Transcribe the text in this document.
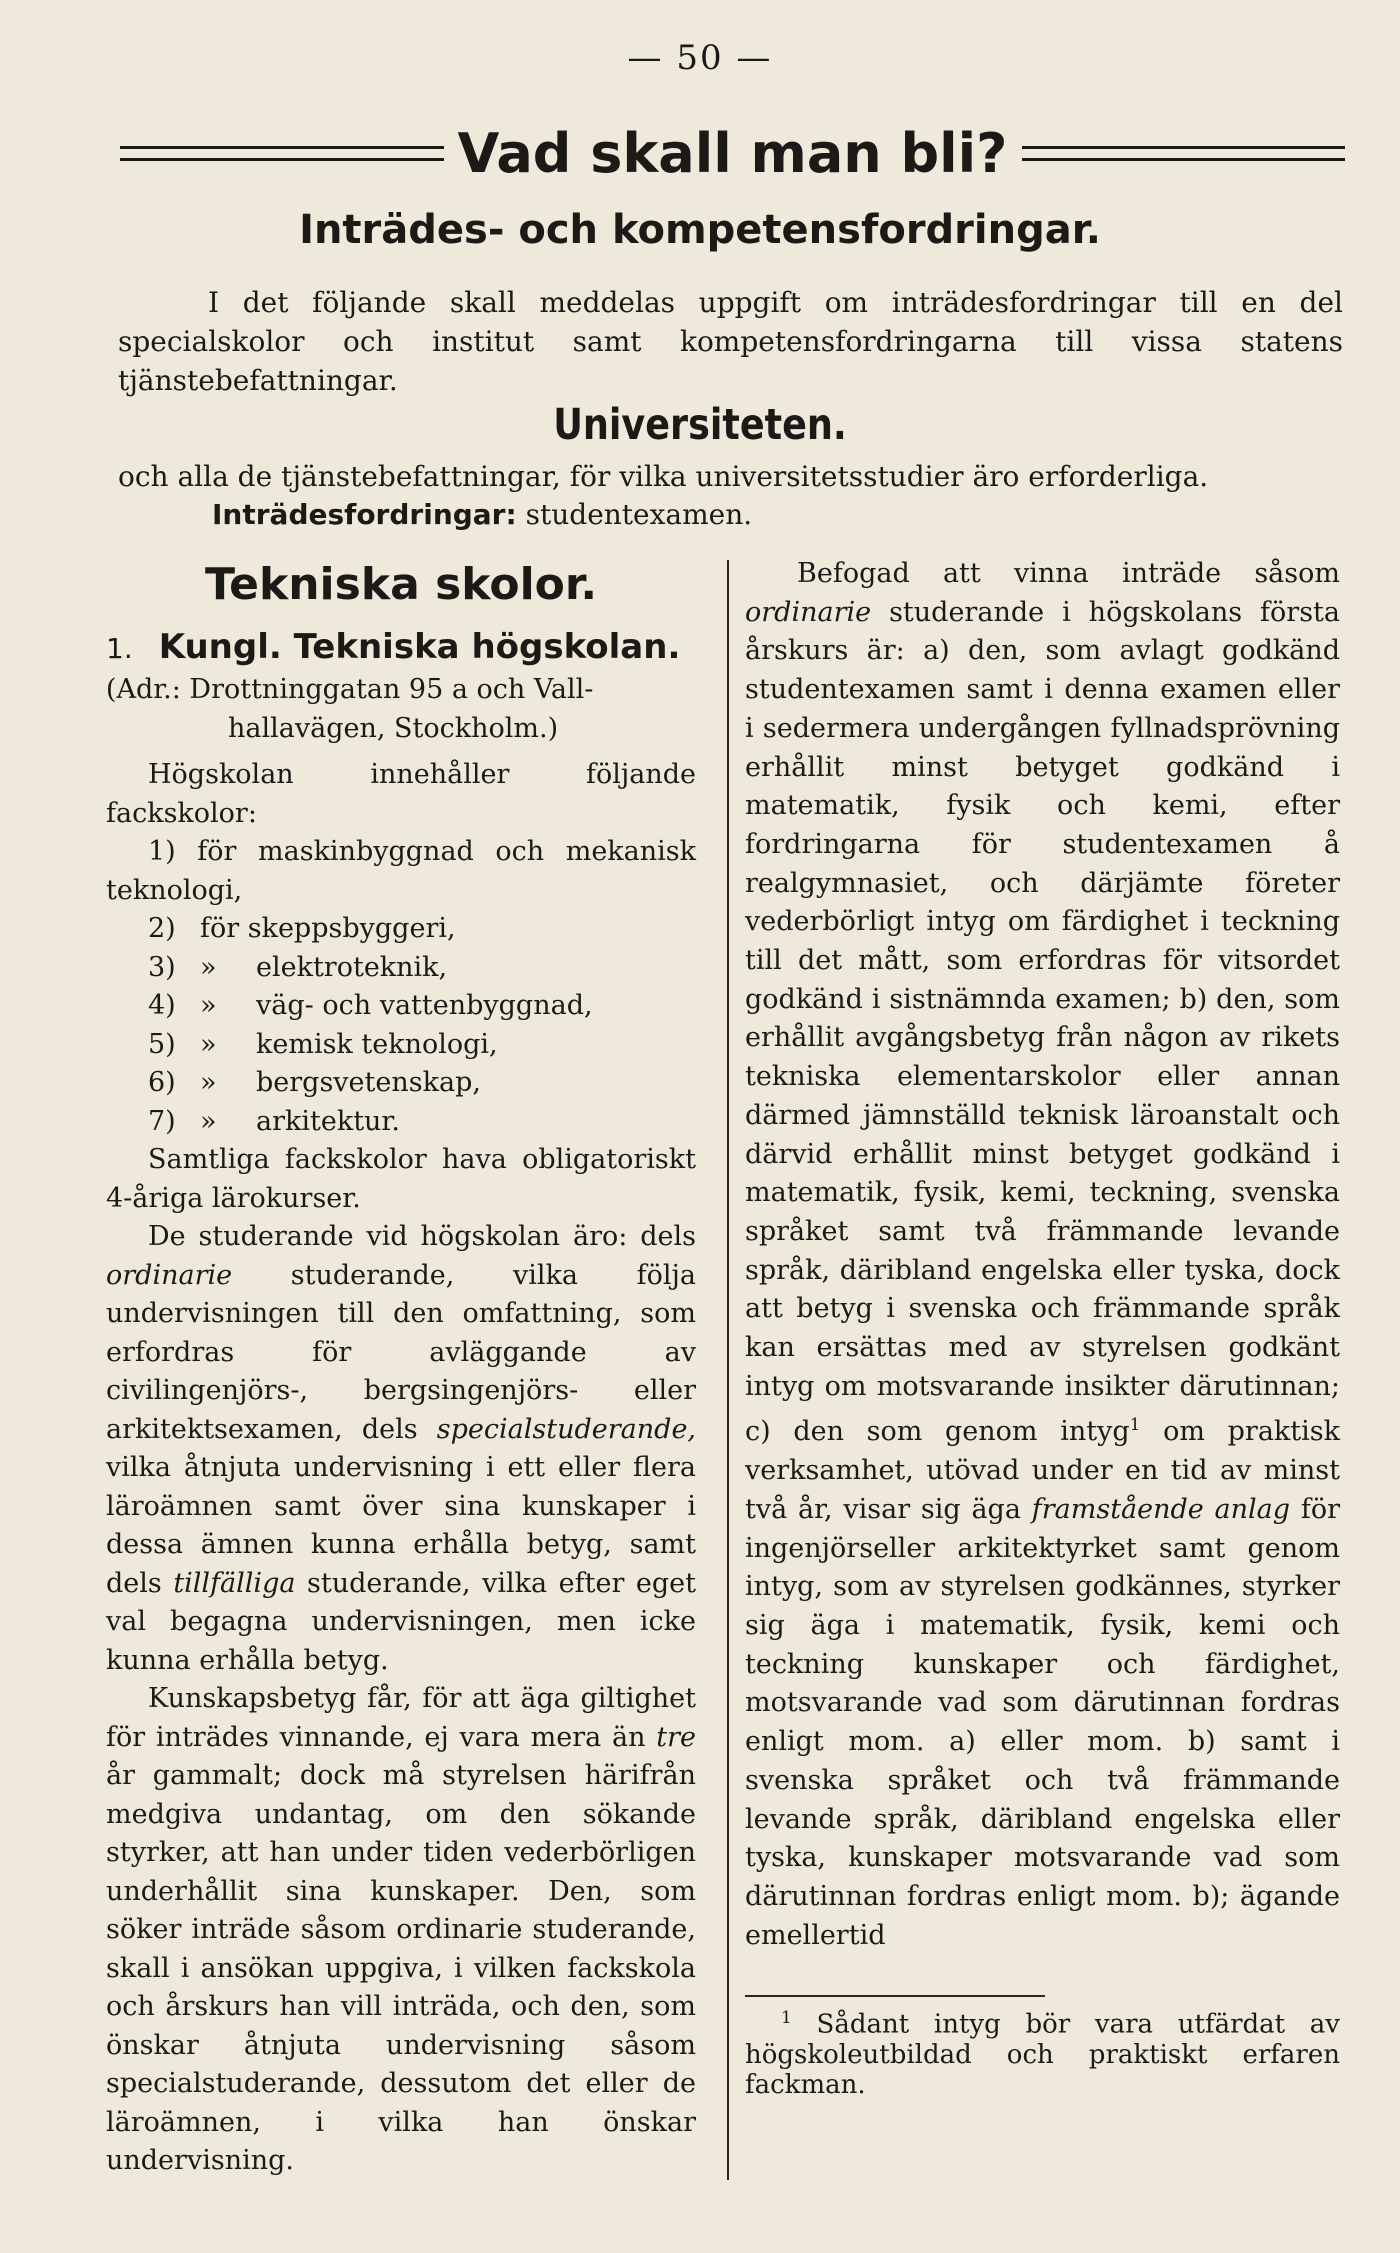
— 50 —
Vad skall man bli?
Inträdes- och kompetensfordringar.

I det följande skall meddelas uppgift om inträdesfordringar till en del specialskolor och institut samt kompetensfordringarna till vissa statens tjänstebefattningar.

Universiteten.

och alla de tjänstebefattningar, för vilka universitetsstudier äro erforderliga.

Inträdesfordringar: studentexamen.

Tekniska skolor.

1. Kungl. Tekniska högskolan.

(Adr.: Drottninggatan 95 a och Vall-

hallavägen, Stockholm.)

Högskolan innehåller följande fackskolor:

1) för maskinbyggnad och mekanisk teknologi,

2) för skeppsbyggeri,

3) » elektroteknik,

4) » väg- och vattenbyggnad,

5) » kemisk teknologi,

6) » bergsvetenskap,

7) » arkitektur.

Samtliga fackskolor hava obligatoriskt 4-åriga lärokurser.

De studerande vid högskolan äro: dels ordinarie studerande, vilka följa undervisningen till den omfattning, som erfordras för avläggande av civilingenjörs-, bergsingenjörs- eller arkitektsexamen, dels specialstuderande, vilka åtnjuta undervisning i ett eller flera läroämnen samt över sina kunskaper i dessa ämnen kunna erhålla betyg, samt dels tillfälliga studerande, vilka efter eget val begagna undervisningen, men icke kunna erhålla betyg.

Kunskapsbetyg får, för att äga giltighet för inträdes vinnande, ej vara mera än tre år gammalt; dock må styrelsen härifrån medgiva undantag, om den sökande styrker, att han under tiden vederbörligen underhållit sina kunskaper. Den, som söker inträde såsom ordinarie studerande, skall i ansökan uppgiva, i vilken fackskola och årskurs han vill inträda, och den, som önskar åtnjuta undervisning såsom specialstuderande, dessutom det eller de läroämnen, i vilka han önskar undervisning.

Befogad att vinna inträde såsom ordinarie studerande i högskolans första årskurs är: a) den, som avlagt godkänd studentexamen samt i denna examen eller i sedermera undergången fyllnadsprövning erhållit minst betyget godkänd i matematik, fysik och kemi, efter fordringarna för studentexamen å realgymnasiet, och därjämte företer vederbörligt intyg om färdighet i teckning till det mått, som erfordras för vitsordet godkänd i sistnämnda examen; b) den, som erhållit avgångsbetyg från någon av rikets tekniska elementarskolor eller annan därmed jämnställd teknisk läroanstalt och därvid erhållit minst betyget godkänd i matematik, fysik, kemi, teckning, svenska språket samt två främmande levande språk, däribland engelska eller tyska, dock att betyg i svenska och främmande språk kan ersättas med av styrelsen godkänt intyg om motsvarande insikter därutinnan; c) den som genom intyg$^1$ om praktisk verksamhet, utövad under en tid av minst två år, visar sig äga framstående anlag för ingenjörseller arkitektyrket samt genom intyg, som av styrelsen godkännes, styrker sig äga i matematik, fysik, kemi och teckning kunskaper och färdighet, motsvarande vad som därutinnan fordras enligt mom. a) eller mom. b) samt i svenska språket och två främmande levande språk, däribland engelska eller tyska, kunskaper motsvarande vad som därutinnan fordras enligt mom. b); ägande emellertid

$^1$ Sådant intyg bör vara utfärdat av högskoleutbildad och praktiskt erfaren fackman.
